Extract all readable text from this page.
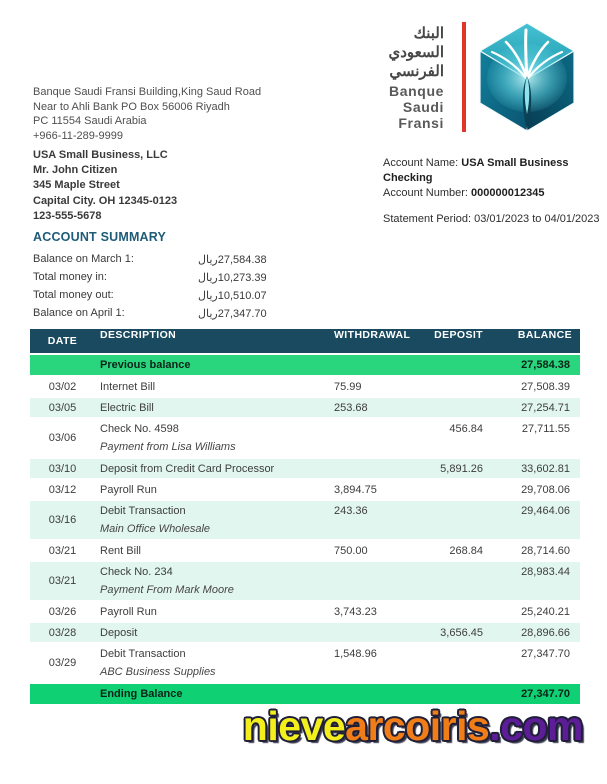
Banque Saudi Fransi Building,King Saud Road
Near to Ahli Bank PO Box 56006 Riyadh
PC 11554 Saudi Arabia
+966-11-289-9999
البنك
السعودي
الفرنسي
Banque
Saudi
Fransi
USA Small Business, LLC
Mr. John Citizen
345 Maple Street
Capital City. OH 12345-0123
123-555-5678
Account Name: USA Small Business Checking
Account Number: 000000012345
Statement Period: 03/01/2023 to 04/01/2023
ACCOUNT SUMMARY
Balance on March 1:	ريال27,584.38
Total money in:	ريال10,273.39
Total money out:	ريال10,510.07
Balance on April 1:	ريال27,347.70
DATE	DESCRIPTION	WITHDRAWAL	DEPOSIT	BALANCE
	Previous balance			27,584.38
03/02	Internet Bill	75.99		27,508.39
03/05	Electric Bill	253.68		27,254.71
03/06	Check No. 4598
Payment from Lisa Williams		456.84	27,711.55
03/10	Deposit from Credit Card Processor		5,891.26	33,602.81
03/12	Payroll Run	3,894.75		29,708.06
03/16	Debit Transaction
Main Office Wholesale	243.36		29,464.06
03/21	Rent Bill	750.00	268.84	28,714.60
03/21	Check No. 234
Payment From Mark Moore			28,983.44
03/26	Payroll Run	3,743.23		25,240.21
03/28	Deposit		3,656.45	28,896.66
03/29	Debit Transaction
ABC Business Supplies	1,548.96		27,347.70
	Ending Balance			27,347.70
nievearcoiris.com
